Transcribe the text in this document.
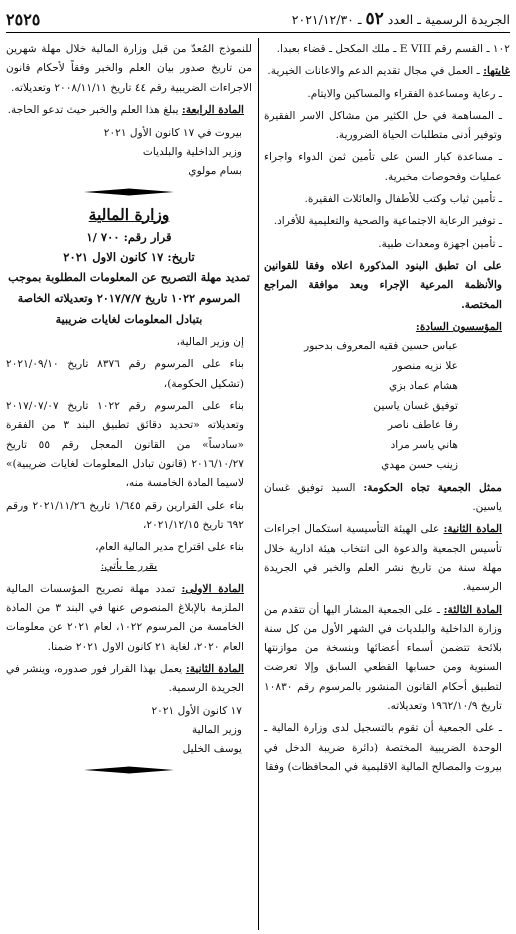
الجريدة الرسمية ـ العدد ٥٢ ـ ٢٠٢١/١٢/٣٠
٢٥٢٥

١٠٢ ـ القسم رقم E VIII ـ ملك المكحل ـ قضاء بعبدا.

غايتها: ـ العمل في مجال تقديم الدعم والاعانات الخيرية.

ـ رعاية ومساعدة الفقراء والمساكين والايتام.

ـ المساهمة في حل الكثير من مشاكل الاسر الفقيرة وتوفير أدنى متطلبات الحياة الضرورية.

ـ مساعدة كبار السن على تأمين ثمن الدواء واجراء عمليات وفحوصات مخبرية.

ـ تأمين ثياب وكتب للأطفال والعائلات الفقيرة.

ـ توفير الرعاية الاجتماعية والصحية والتعليمية للأفراد.

ـ تأمين اجهزة ومعدات طبية.

على ان تطبق البنود المذكورة اعلاه وفقا للقوانين والأنظمة المرعية الإجراء وبعد موافقة المراجع المختصة.

المؤسسون السادة:

عباس حسين فقيه المعروف بدحبور
علا نزيه منصور
هشام عماد بزي
توفيق غسان ياسين
رفا عاطف ناصر
هاني ياسر مراد
زينب حسن مهدي

ممثل الجمعية تجاه الحكومة: السيد توفيق غسان ياسين.

المادة الثانية: على الهيئة التأسيسية استكمال اجراءات تأسيس الجمعية والدعوة الى انتخاب هيئة ادارية خلال مهلة سنة من تاريخ نشر العلم والخبر في الجريدة الرسمية.

المادة الثالثة: ـ على الجمعية المشار اليها أن تتقدم من وزارة الداخلية والبلديات في الشهر الأول من كل سنة بلائحة تتضمن أسماء أعضائها وبنسخة من موازنتها السنوية ومن حسابها القطعي السابق وإلا تعرضت لتطبيق أحكام القانون المنشور بالمرسوم رقم ١٠٨٣٠ تاريخ ١٩٦٢/١٠/٩ وتعديلاته.

ـ على الجمعية أن تقوم بالتسجيل لدى وزارة المالية ـ الوحدة الضريبية المختصة (دائرة ضريبة الدخل في بيروت والمصالح المالية الاقليمية في المحافظات) وفقا

للنموذج المُعدّ من قبل وزارة المالية خلال مهلة شهرين من تاريخ صدور بيان العلم والخبر وفقاً لأحكام قانون الاجراءات الضريبية رقم ٤٤ تاريخ ٢٠٠٨/١١/١١ وتعديلاته.

المادة الرابعة: يبلغ هذا العلم والخبر حيث تدعو الحاجة.

بيروت في ١٧ كانون الأول ٢٠٢١
وزير الداخلية والبلديات
بسام مولوي
وزارة المالية
قرار رقم: ٧٠٠ /١
تاريخ: ١٧ كانون الاول ٢٠٢١
تمديد مهلة التصريح عن المعلومات المطلوبة بموجب المرسوم ١٠٢٢ تاريخ ٢٠١٧/٧/٧ وتعديلاته الخاصة بتبادل المعلومات لغايات ضريبية

إن وزير المالية،

بناء على المرسوم رقم ٨٣٧٦ تاريخ ٢٠٢١/٠٩/١٠ (تشكيل الحكومة)،

بناء على المرسوم رقم ١٠٢٢ تاريخ ٢٠١٧/٠٧/٠٧ وتعديلاته «تحديد دقائق تطبيق البند ٣ من الفقرة «سادساً» من القانون المعجل رقم ٥٥ تاريخ ٢٠١٦/١٠/٢٧ (قانون تبادل المعلومات لغايات ضريبية)» لاسيما المادة الخامسة منه،

بناء على القرارين رقم ١/٦٤٥ تاريخ ٢٠٢١/١١/٢٦ ورقم ٦٩٢ تاريخ ٢٠٢١/١٢/١٥،

بناء على اقتراح مدير المالية العام،

يقرر ما يأتي:

المادة الاولى: تمدد مهلة تصريح المؤسسات المالية الملزمة بالإبلاغ المنصوص عنها في البند ٣ من المادة الخامسة من المرسوم ١٠٢٢، لعام ٢٠٢١ عن معلومات العام ٢٠٢٠، لغاية ٢١ كانون الاول ٢٠٢١ ضمنا.

المادة الثانية: يعمل بهذا القرار فور صدوره، وينشر في الجريدة الرسمية.

١٧ كانون الأول ٢٠٢١
وزير المالية
يوسف الخليل
